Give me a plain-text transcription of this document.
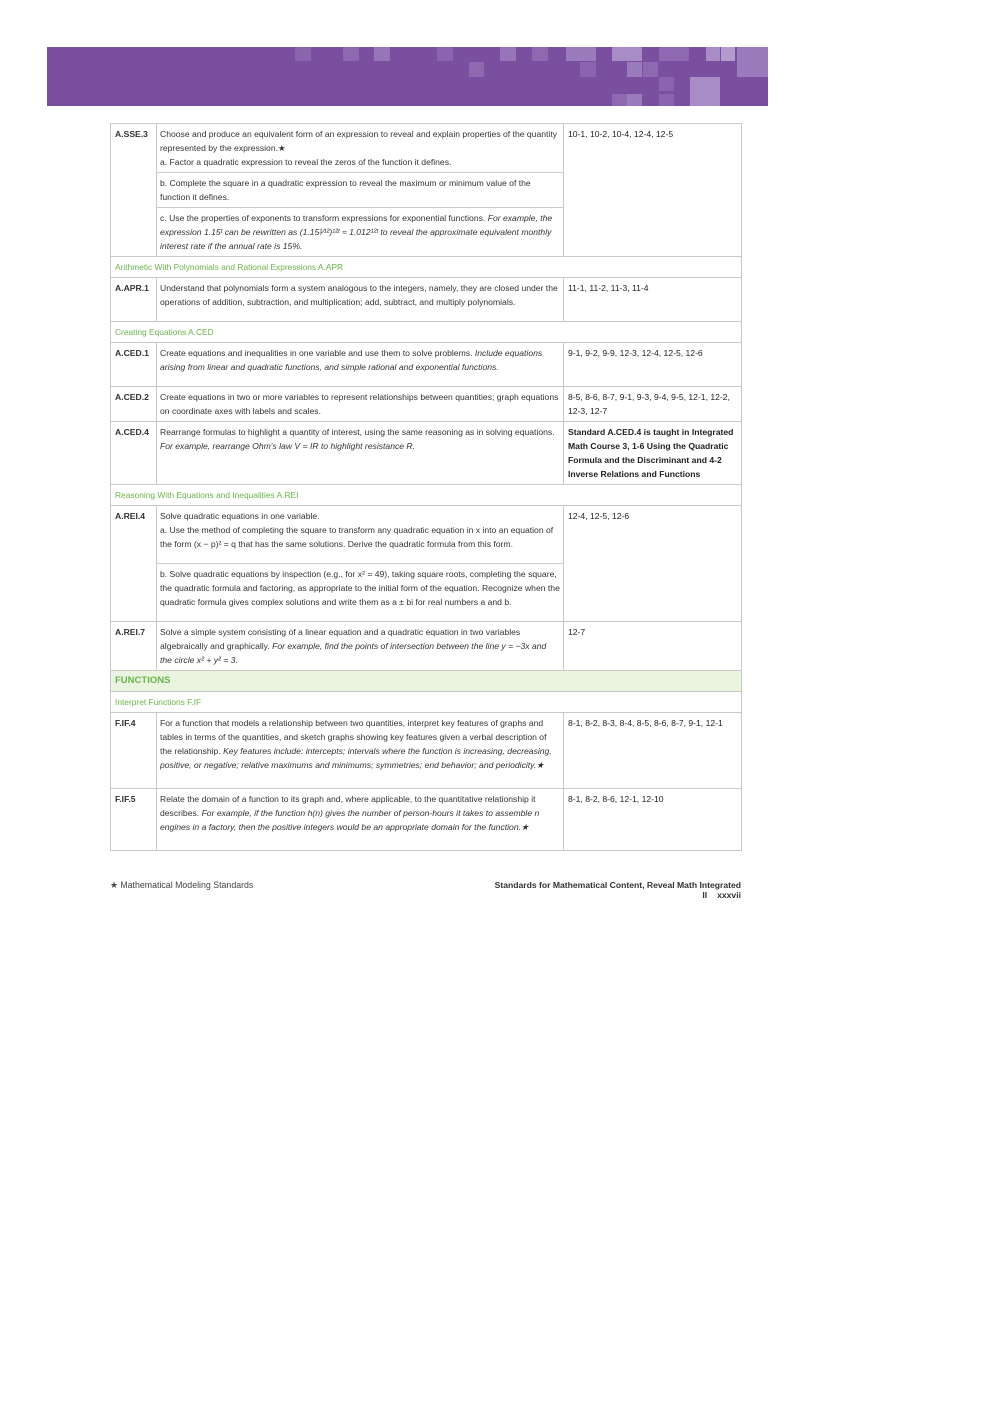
A.SSE.3	Choose and produce an equivalent form of an expression to reveal and explain properties of the quantity represented by the expression.★
a. Factor a quadratic expression to reveal the zeros of the function it defines.	10-1, 10-2, 10-4, 12-4, 12-5
	b. Complete the square in a quadratic expression to reveal the maximum or minimum value of the function it defines.	
	c. Use the properties of exponents to transform expressions for exponential functions. For example, the expression 1.15ᵗ can be rewritten as (1.15¹⁄¹²)¹²ᵗ ≈ 1.012¹²ᵗ to reveal the approximate equivalent monthly interest rate if the annual rate is 15%.	
Arithmetic With Polynomials and Rational Expressions A.APR		
A.APR.1	Understand that polynomials form a system analogous to the integers, namely, they are closed under the operations of addition, subtraction, and multiplication; add, subtract, and multiply polynomials.	11-1, 11-2, 11-3, 11-4
Creating Equations A.CED		
A.CED.1	Create equations and inequalities in one variable and use them to solve problems. Include equations arising from linear and quadratic functions, and simple rational and exponential functions.	9-1, 9-2, 9-9, 12-3, 12-4, 12-5, 12-6
A.CED.2	Create equations in two or more variables to represent relationships between quantities; graph equations on coordinate axes with labels and scales.	8-5, 8-6, 8-7, 9-1, 9-3, 9-4, 9-5, 12-1, 12-2, 12-3, 12-7
A.CED.4	Rearrange formulas to highlight a quantity of interest, using the same reasoning as in solving equations. For example, rearrange Ohm's law V = IR to highlight resistance R.	Standard A.CED.4 is taught in Integrated Math Course 3, 1-6 Using the Quadratic Formula and the Discriminant and 4-2 Inverse Relations and Functions
Reasoning With Equations and Inequalities A.REI		
A.REI.4	Solve quadratic equations in one variable.
a. Use the method of completing the square to transform any quadratic equation in x into an equation of the form (x − p)² = q that has the same solutions. Derive the quadratic formula from this form.	12-4, 12-5, 12-6
	b. Solve quadratic equations by inspection (e.g., for x² = 49), taking square roots, completing the square, the quadratic formula and factoring, as appropriate to the initial form of the equation. Recognize when the quadratic formula gives complex solutions and write them as a ± bi for real numbers a and b.	
A.REI.7	Solve a simple system consisting of a linear equation and a quadratic equation in two variables algebraically and graphically. For example, find the points of intersection between the line y = −3x and the circle x² + y² = 3.	12-7
FUNCTIONS		
Interpret Functions F.IF		
F.IF.4	For a function that models a relationship between two quantities, interpret key features of graphs and tables in terms of the quantities, and sketch graphs showing key features given a verbal description of the relationship. Key features include: intercepts; intervals where the function is increasing, decreasing, positive, or negative; relative maximums and minimums; symmetries; end behavior; and periodicity.★	8-1, 8-2, 8-3, 8-4, 8-5, 8-6, 8-7, 9-1, 12-1
F.IF.5	Relate the domain of a function to its graph and, where applicable, to the quantitative relationship it describes. For example, if the function h(n) gives the number of person-hours it takes to assemble n engines in a factory, then the positive integers would be an appropriate domain for the function.★	8-1, 8-2, 8-6, 12-1, 12-10
★ Mathematical Modeling Standards	Standards for Mathematical Content, Reveal Math Integrated II xxxvii
